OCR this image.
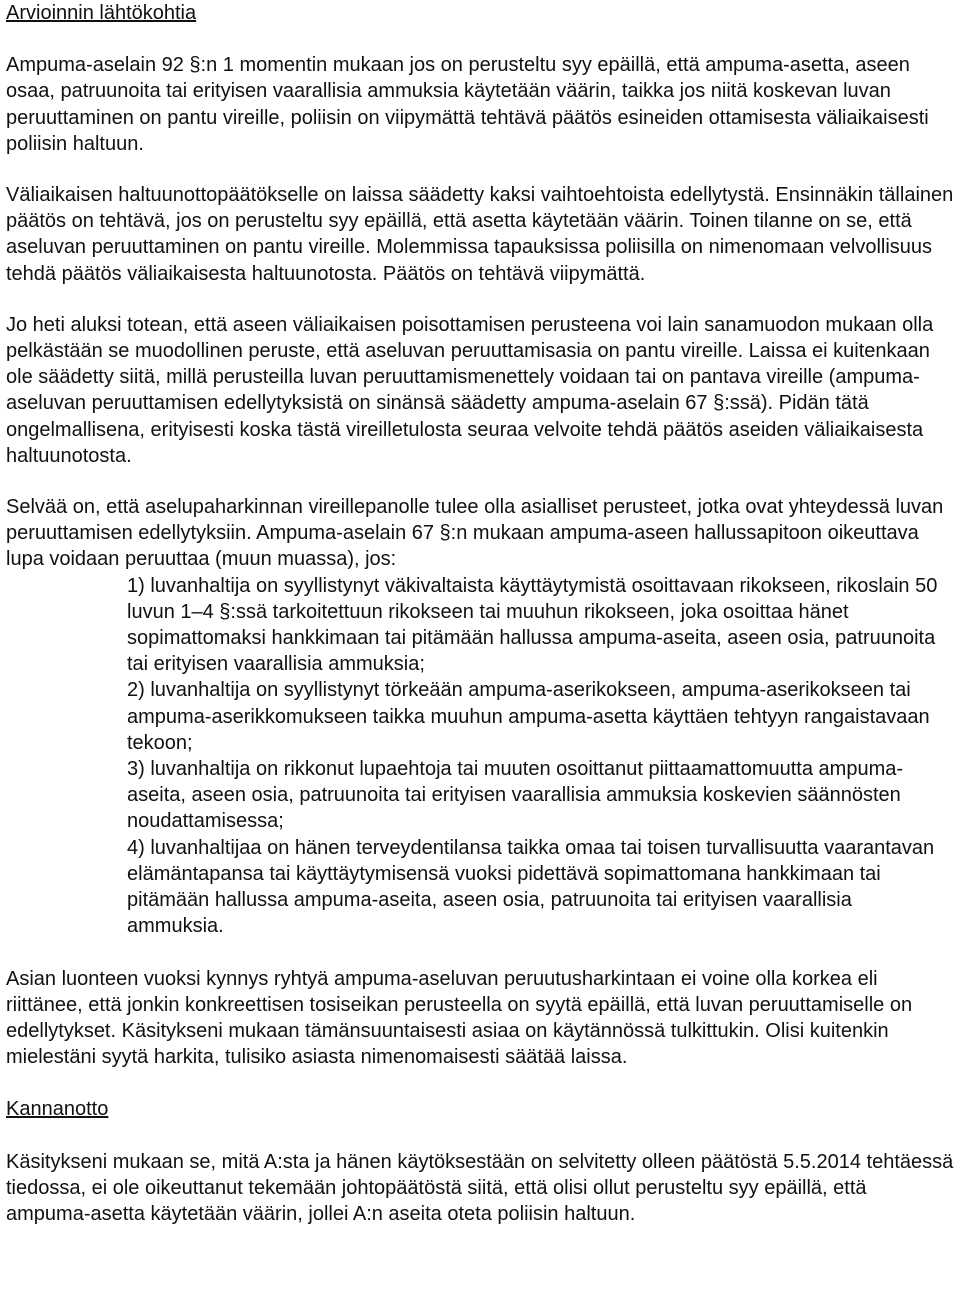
Arvioinnin lähtökohtia

Ampuma-aselain 92 §:n 1 momentin mukaan jos on perusteltu syy epäillä, että ampuma-asetta, aseen osaa, patruunoita tai erityisen vaarallisia ammuksia käytetään väärin, taikka jos niitä koskevan luvan peruuttaminen on pantu vireille, poliisin on viipymättä tehtävä päätös esineiden ottamisesta väliaikaisesti poliisin haltuun.

Väliaikaisen haltuunottopäätökselle on laissa säädetty kaksi vaihtoehtoista edellytystä. Ensinnäkin tällainen päätös on tehtävä, jos on perusteltu syy epäillä, että asetta käytetään väärin. Toinen tilanne on se, että aseluvan peruuttaminen on pantu vireille. Molemmissa tapauksissa poliisilla on nimenomaan velvollisuus tehdä päätös väliaikaisesta haltuunotosta. Päätös on tehtävä viipymättä.

Jo heti aluksi totean, että aseen väliaikaisen poisottamisen perusteena voi lain sanamuodon mukaan olla pelkästään se muodollinen peruste, että aseluvan peruuttamisasia on pantu vireille. Laissa ei kuitenkaan ole säädetty siitä, millä perusteilla luvan peruuttamismenettely voidaan tai on pantava vireille (ampuma-aseluvan peruuttamisen edellytyksistä on sinänsä säädetty ampuma-aselain 67 §:ssä). Pidän tätä ongelmallisena, erityisesti koska tästä vireilletulosta seuraa velvoite tehdä päätös aseiden väliaikaisesta haltuunotosta.

Selvää on, että aselupaharkinnan vireillepanolle tulee olla asialliset perusteet, jotka ovat yhteydessä luvan peruuttamisen edellytyksiin. Ampuma-aselain 67 §:n mukaan ampuma-aseen hallussapitoon oikeuttava lupa voidaan peruuttaa (muun muassa), jos:

1) luvanhaltija on syyllistynyt väkivaltaista käyttäytymistä osoittavaan rikokseen, rikoslain 50 luvun 1–4 §:ssä tarkoitettuun rikokseen tai muuhun rikokseen, joka osoittaa hänet sopimattomaksi hankkimaan tai pitämään hallussa ampuma-aseita, aseen osia, patruunoita tai erityisen vaarallisia ammuksia;
2) luvanhaltija on syyllistynyt törkeään ampuma-aserikokseen, ampuma-aserikokseen tai ampuma-aserikkomukseen taikka muuhun ampuma-asetta käyttäen tehtyyn rangaistavaan tekoon;
3) luvanhaltija on rikkonut lupaehtoja tai muuten osoittanut piittaamattomuutta ampuma-aseita, aseen osia, patruunoita tai erityisen vaarallisia ammuksia koskevien säännösten noudattamisessa;
4) luvanhaltijaa on hänen terveydentilansa taikka omaa tai toisen turvallisuutta vaarantavan elämäntapansa tai käyttäytymisensä vuoksi pidettävä sopimattomana hankkimaan tai pitämään hallussa ampuma-aseita, aseen osia, patruunoita tai erityisen vaarallisia ammuksia.

Asian luonteen vuoksi kynnys ryhtyä ampuma-aseluvan peruutusharkintaan ei voine olla korkea eli riittänee, että jonkin konkreettisen tosiseikan perusteella on syytä epäillä, että luvan peruuttamiselle on edellytykset. Käsitykseni mukaan tämänsuuntaisesti asiaa on käytännössä tulkittukin. Olisi kuitenkin mielestäni syytä harkita, tulisiko asiasta nimenomaisesti säätää laissa.

Kannanotto

Käsitykseni mukaan se, mitä A:sta ja hänen käytöksestään on selvitetty olleen päätöstä 5.5.2014 tehtäessä tiedossa, ei ole oikeuttanut tekemään johtopäätöstä siitä, että olisi ollut perusteltu syy epäillä, että ampuma-asetta käytetään väärin, jollei A:n aseita oteta poliisin haltuun.
